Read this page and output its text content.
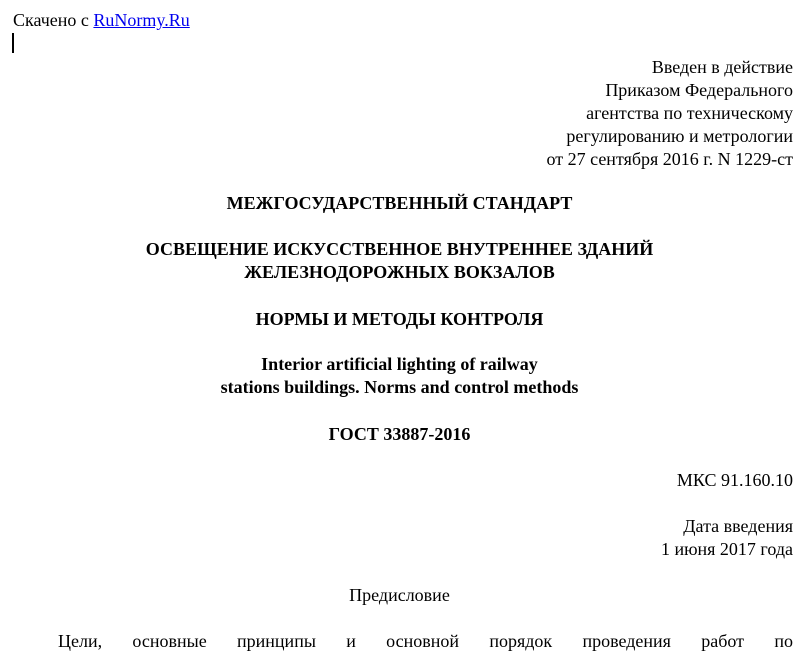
Скачено с RuNormy.Ru
Введен в действие
Приказом Федерального
агентства по техническому
регулированию и метрологии
от 27 сентября 2016 г. N 1229-ст
МЕЖГОСУДАРСТВЕННЫЙ СТАНДАРТ
ОСВЕЩЕНИЕ ИСКУССТВЕННОЕ ВНУТРЕННЕЕ ЗДАНИЙ
ЖЕЛЕЗНОДОРОЖНЫХ ВОКЗАЛОВ
НОРМЫ И МЕТОДЫ КОНТРОЛЯ
Interior artificial lighting of railway
stations buildings. Norms and control methods
ГОСТ 33887-2016
МКС 91.160.10
Дата введения
1 июня 2017 года
Предисловие
Цели, основные принципы и основной порядок проведения работ по
